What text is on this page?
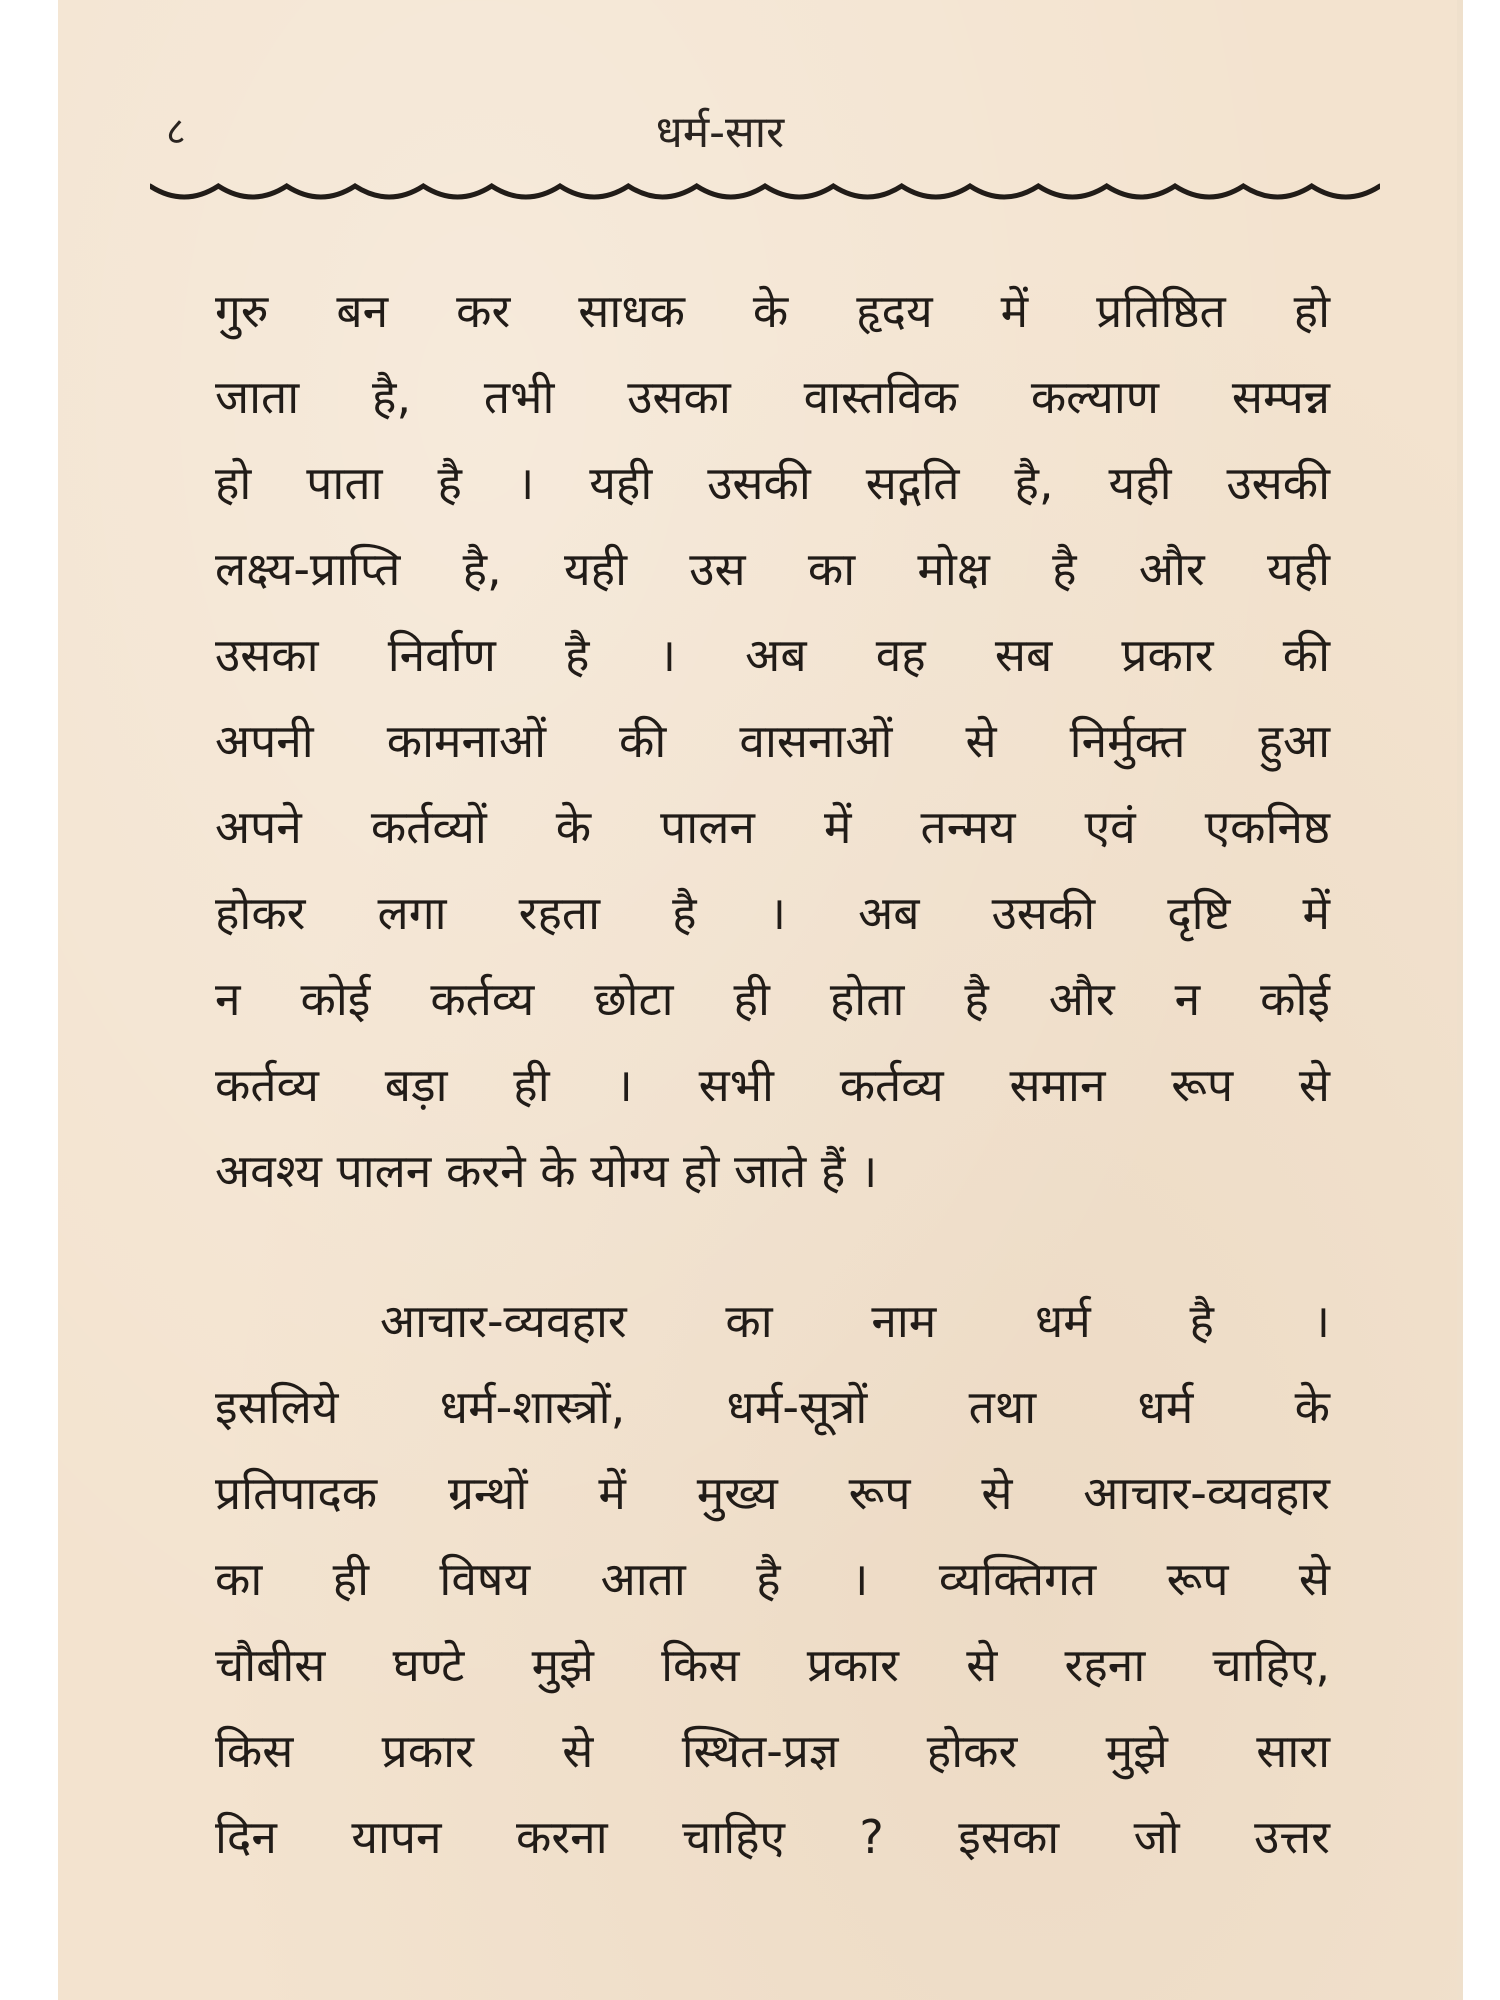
८	धर्म-सार
गुरु बन कर साधक के हृदय में प्रतिष्ठित हो
जाता है, तभी उसका वास्तविक कल्याण सम्पन्न
हो पाता है । यही उसकी सद्गति है, यही उसकी
लक्ष्य-प्राप्ति है, यही उस का मोक्ष है और यही
उसका निर्वाण है । अब वह सब प्रकार की
अपनी कामनाओं की वासनाओं से निर्मुक्त हुआ
अपने कर्तव्यों के पालन में तन्मय एवं एकनिष्ठ
होकर लगा रहता है । अब उसकी दृष्टि में
न कोई कर्तव्य छोटा ही होता है और न कोई
कर्तव्य बड़ा ही । सभी कर्तव्य समान रूप से
अवश्य पालन करने के योग्य हो जाते हैं ।
आचार-व्यवहार का नाम धर्म है ।
इसलिये धर्म-शास्त्रों, धर्म-सूत्रों तथा धर्म के
प्रतिपादक ग्रन्थों में मुख्य रूप से आचार-व्यवहार
का ही विषय आता है । व्यक्तिगत रूप से
चौबीस घण्टे मुझे किस प्रकार से रहना चाहिए,
किस प्रकार से स्थित-प्रज्ञ होकर मुझे सारा
दिन यापन करना चाहिए ? इसका जो उत्तर
